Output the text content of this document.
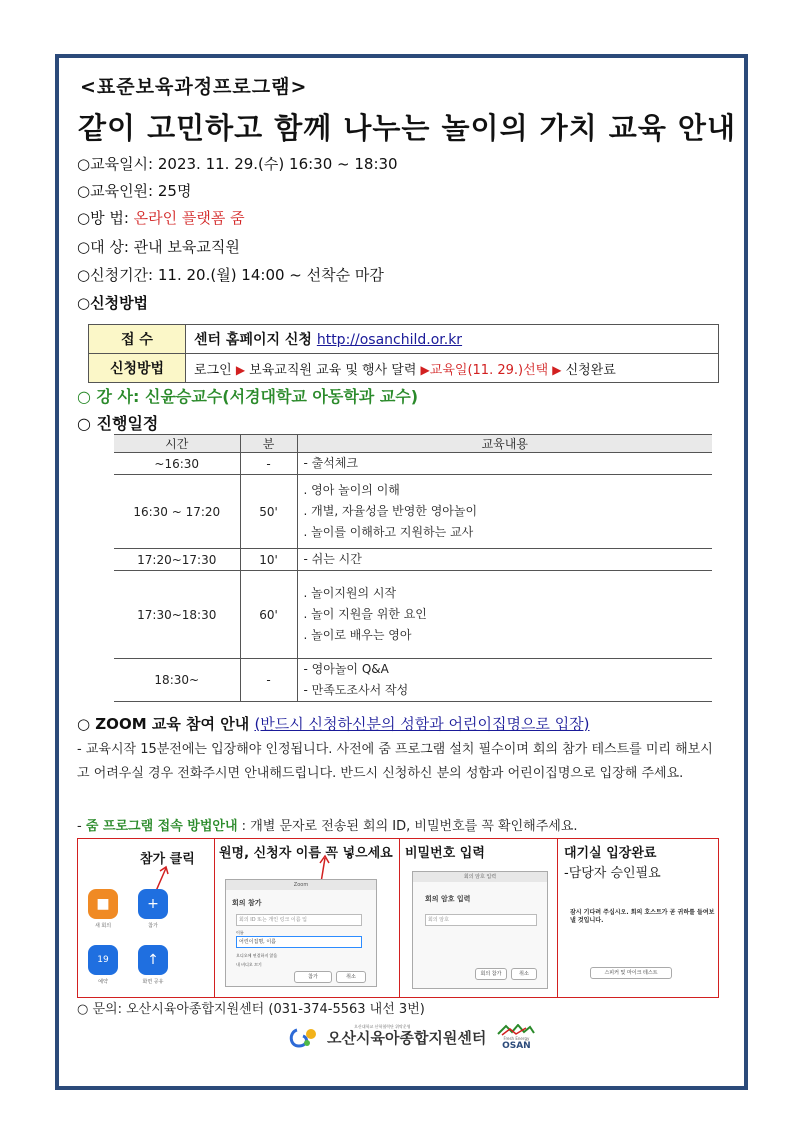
<표준보육과정프로그램>
같이 고민하고 함께 나누는 놀이의 가치 교육 안내
○교육일시: 2023. 11. 29.(수) 16:30 ~ 18:30
○교육인원: 25명
○방 법: 온라인 플랫폼 줌
○대 상: 관내 보육교직원
○신청기간: 11. 20.(월) 14:00 ~ 선착순 마감
○신청방법
접 수	센터 홈페이지 신청 http://osanchild.or.kr
신청방법	로그인 ▶ 보육교직원 교육 및 행사 달력 ▶교육일(11. 29.)선택 ▶ 신청완료
○ 강 사: 신윤승교수(서경대학교 아동학과 교수)
○ 진행일정
시간	분	교육내용
~16:30	-	- 출석체크

16:30 ~ 17:20	50'	. 영아 놀이의 이해
. 개별, 자율성을 반영한 영아놀이
. 놀이를 이해하고 지원하는 교사

17:20~17:30	10'	- 쉬는 시간

17:30~18:30	60'	. 놀이지원의 시작
. 놀이 지원을 위한 요인
. 놀이로 배우는 영아

18:30~	-	- 영아놀이 Q&A
- 만족도조사서 작성
○ ZOOM 교육 참여 안내 (반드시 신청하신분의 성함과 어린이집명으로 입장)
- 교육시작 15분전에는 입장해야 인정됩니다. 사전에 줌 프로그램 설치 필수이며 회의 참가 테스트를 미리 해보시고 어려우실 경우 전화주시면 안내해드립니다. 반드시 신청하신 분의 성함과 어린이집명으로 입장해 주세요.
- 줌 프로그램 접속 방법안내 : 개별 문자로 전송된 회의 ID, 비밀번호를 꼭 확인해주세요.
참가 클릭
■
새 회의
+
참가
19
예약
↑
화면 공유
원명, 신청자 이름 꼭 넣으세요
Zoom
회의 참가
회의 ID 또는 개인 링크 이름 입
이름
어린이집명, 이름
오디오에 연결하지 않음
내 비디오 끄기
참가	취소
비밀번호 입력
회의 암호 입력
회의 암호 입력
회의 암호
회의 참가	취소
대기실 입장완료
-담당자 승인필요
잠시 기다려 주십시오. 회의 호스트가 곧 귀하를 들여보낼 것입니다.
스피커 및 마이크 테스트
○ 문의: 오산시육아종합지원센터 (031-374-5563 내선 3번)
오산대학교 산학협력단 위탁운영
오산시육아종합지원센터	Fresh Energy
OSAN
